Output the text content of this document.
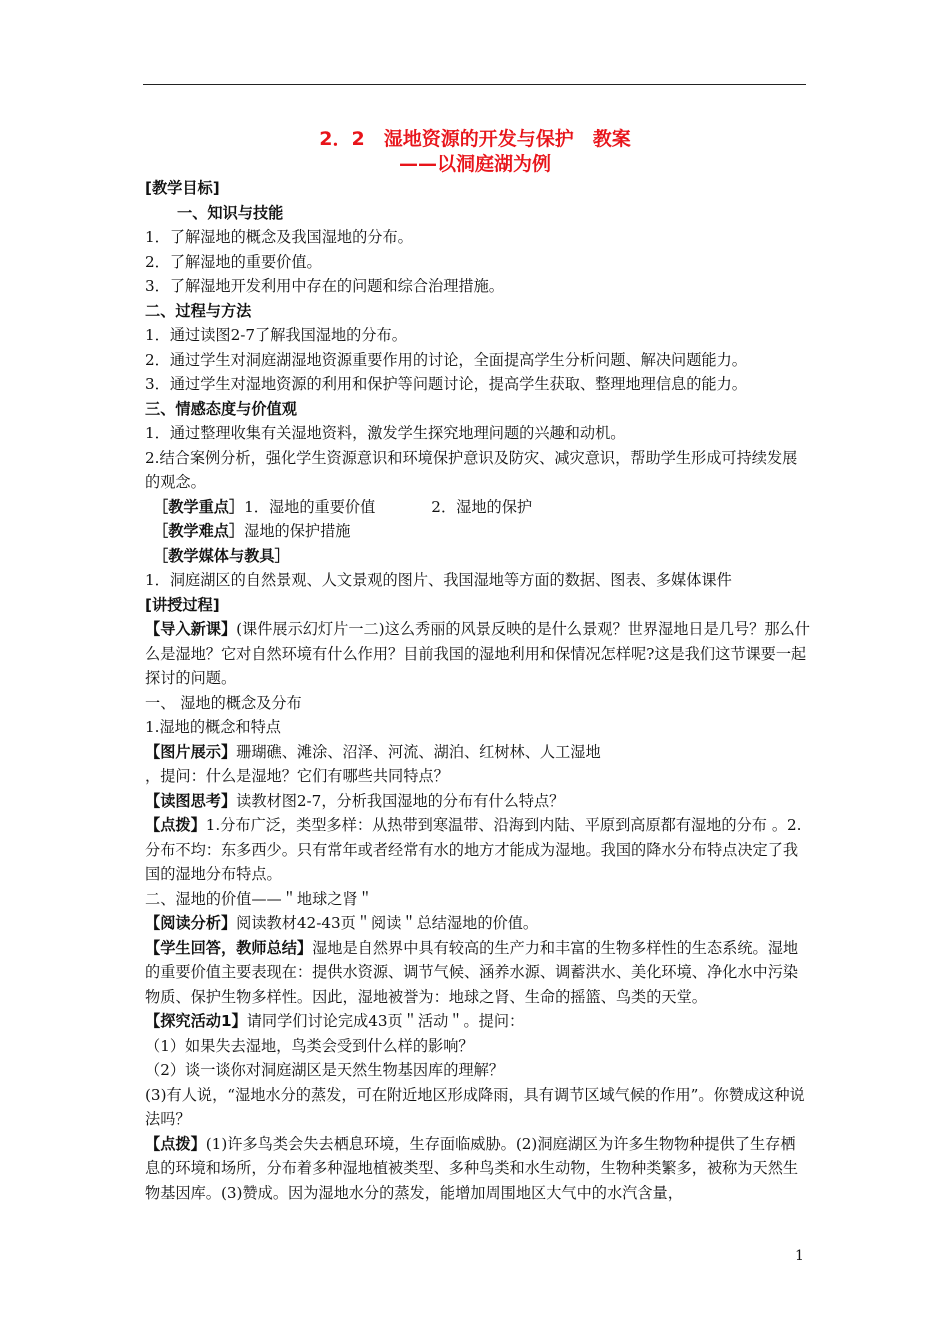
2．2　湿地资源的开发与保护　教案
——以洞庭湖为例

[教学目标]

一、知识与技能

1．了解湿地的概念及我国湿地的分布。

2．了解湿地的重要价值。

3．了解湿地开发利用中存在的问题和综合治理措施。

二、过程与方法

1．通过读图2-7了解我国湿地的分布。

2．通过学生对洞庭湖湿地资源重要作用的讨论，全面提高学生分析问题、解决问题能力。

3．通过学生对湿地资源的利用和保护等问题讨论，提高学生获取、整理地理信息的能力。

三、情感态度与价值观

1．通过整理收集有关湿地资料，激发学生探究地理问题的兴趣和动机。

2.结合案例分析，强化学生资源意识和环境保护意识及防灾、减灾意识，帮助学生形成可持续发展的观念。

［教学重点］1．湿地的重要价值	2．湿地的保护

［教学难点］湿地的保护措施

［教学媒体与教具］

1．洞庭湖区的自然景观、人文景观的图片、我国湿地等方面的数据、图表、多媒体课件

[讲授过程]

【导入新课】(课件展示幻灯片一二)这么秀丽的风景反映的是什么景观？世界湿地日是几号？那么什么是湿地？它对自然环境有什么作用？目前我国的湿地利用和保情况怎样呢?这是我们这节课要一起探讨的问题。

一、 湿地的概念及分布

1.湿地的概念和特点

【图片展示】珊瑚礁、滩涂、沼泽、河流、湖泊、红树林、人工湿地

，提问：什么是湿地？它们有哪些共同特点？

【读图思考】读教材图2-7，分析我国湿地的分布有什么特点？

【点拨】1.分布广泛，类型多样：从热带到寒温带、沿海到内陆、平原到高原都有湿地的分布 。2.分布不均：东多西少。只有常年或者经常有水的地方才能成为湿地。我国的降水分布特点决定了我国的湿地分布特点。

二、湿地的价值——＂地球之肾＂

【阅读分析】阅读教材42-43页＂阅读＂总结湿地的价值。

【学生回答，教师总结】湿地是自然界中具有较高的生产力和丰富的生物多样性的生态系统。湿地的重要价值主要表现在：提供水资源、调节气候、涵养水源、调蓄洪水、美化环境、净化水中污染物质、保护生物多样性。因此，湿地被誉为：地球之肾、生命的摇篮、鸟类的天堂。

【探究活动1】请同学们讨论完成43页＂活动＂。提问：

（1）如果失去湿地，鸟类会受到什么样的影响？

（2）谈一谈你对洞庭湖区是天然生物基因库的理解？

(3)有人说，“湿地水分的蒸发，可在附近地区形成降雨，具有调节区域气候的作用”。你赞成这种说法吗？

【点拨】(1)许多鸟类会失去栖息环境，生存面临威胁。(2)洞庭湖区为许多生物物种提供了生存栖息的环境和场所，分布着多种湿地植被类型、多种鸟类和水生动物，生物种类繁多，被称为天然生物基因库。(3)赞成。因为湿地水分的蒸发，能增加周围地区大气中的水汽含量，

1
